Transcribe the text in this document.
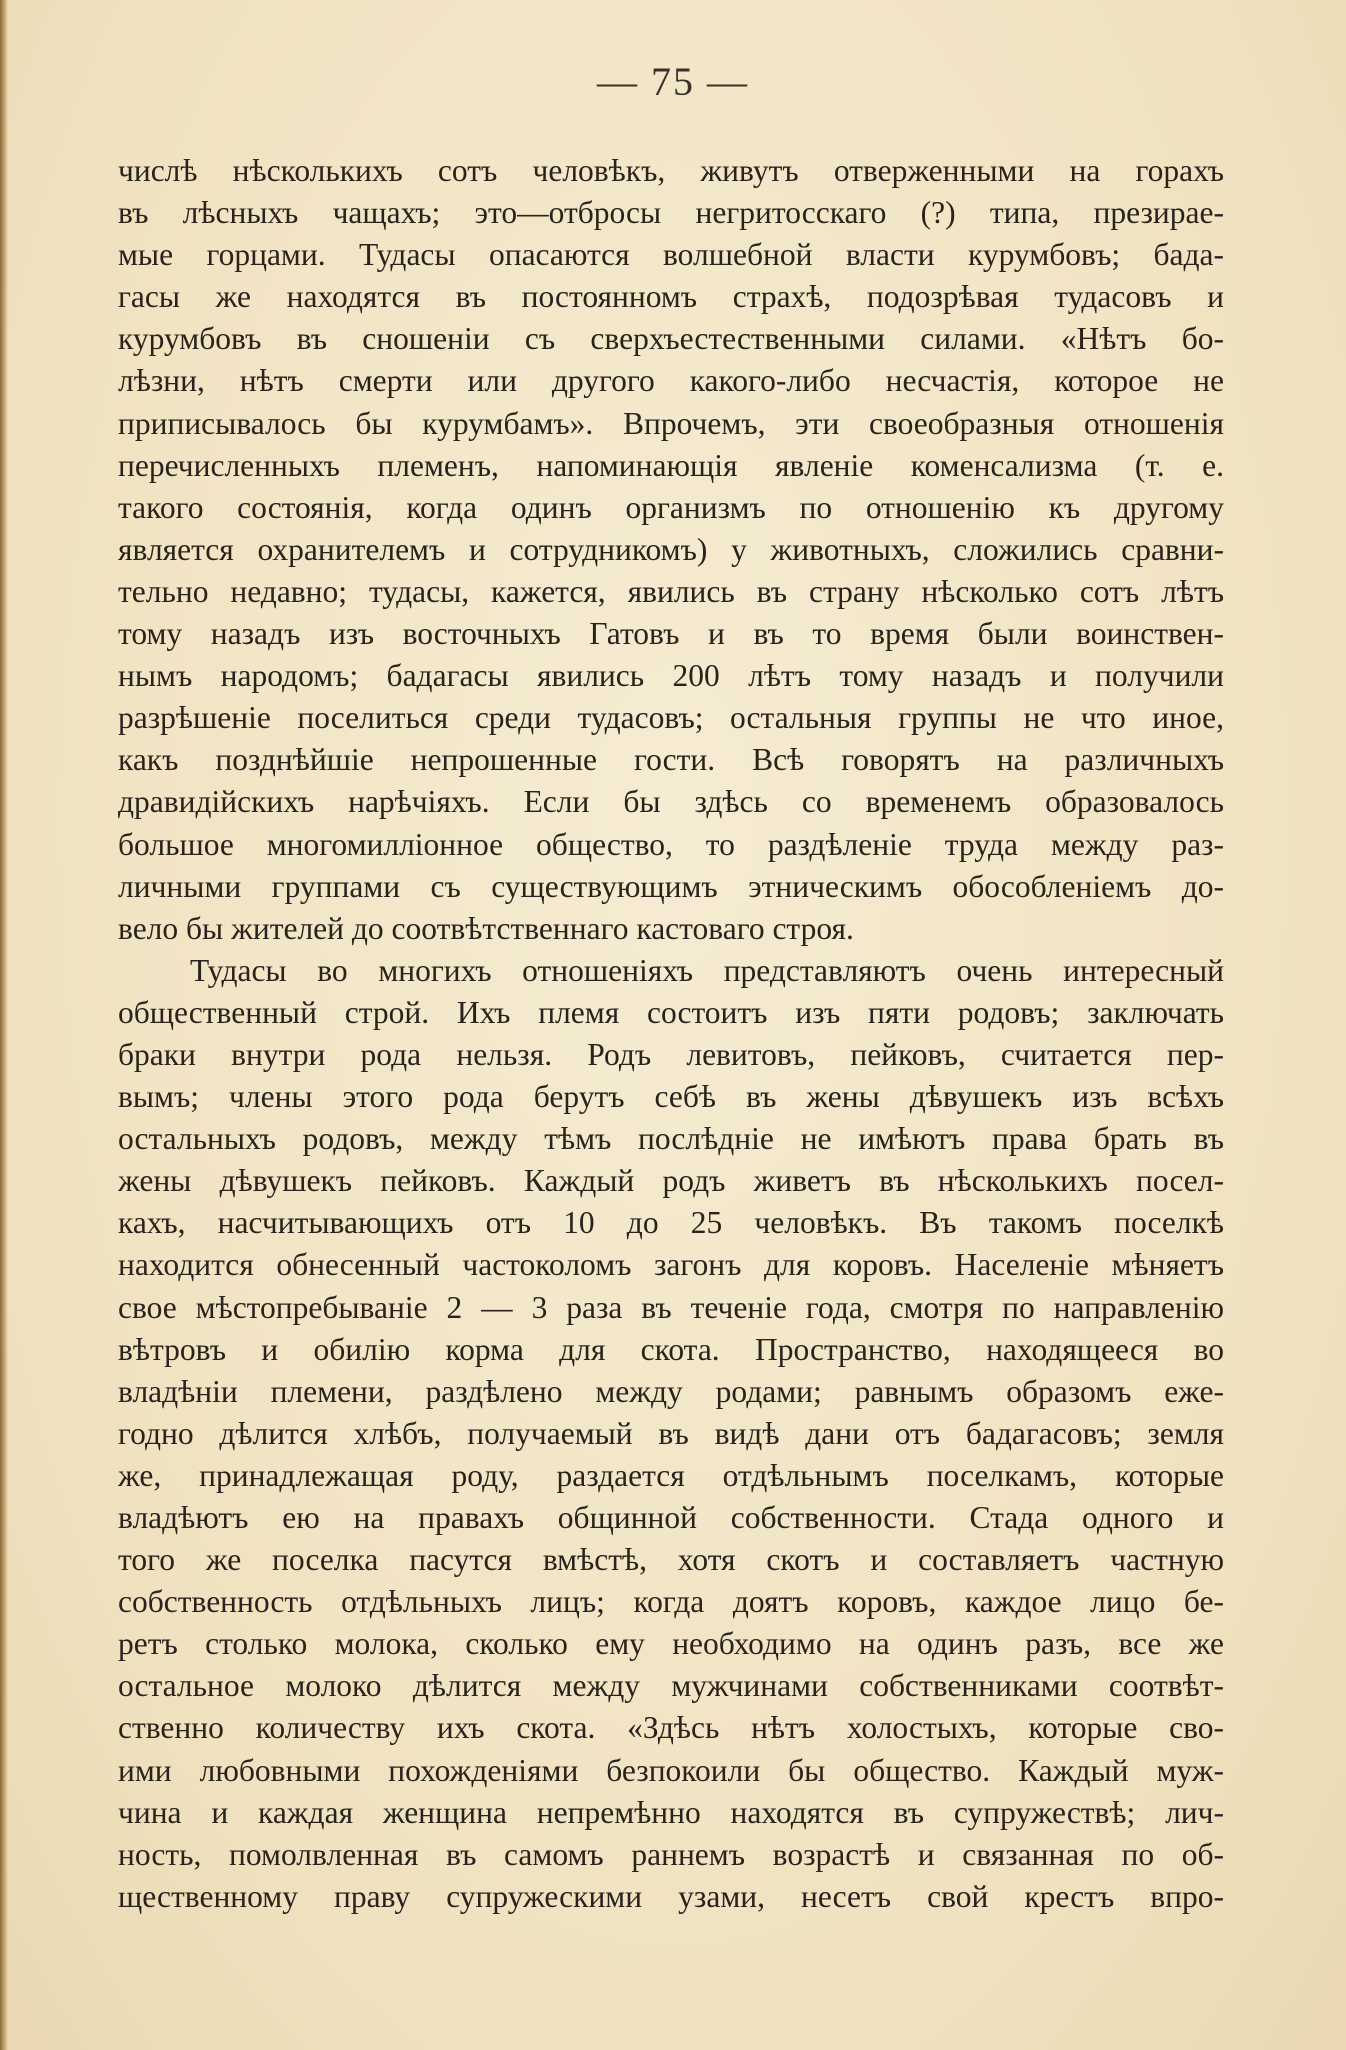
— 75 —
числѣ нѣсколькихъ сотъ человѣкъ, живутъ отверженными на горахъ
въ лѣсныхъ чащахъ; это—отбросы негритосскаго (?) типа, презирае-
мые горцами. Тудасы опасаются волшебной власти курумбовъ; бада-
гасы же находятся въ постоянномъ страхѣ, подозрѣвая тудасовъ и
курумбовъ въ сношеніи съ сверхъестественными силами. «Нѣтъ бо-
лѣзни, нѣтъ смерти или другого какого-либо несчастія, которое не
приписывалось бы курумбамъ». Впрочемъ, эти своеобразныя отношенія
перечисленныхъ племенъ, напоминающія явленіе коменсализма (т. е.
такого состоянія, когда одинъ организмъ по отношенію къ другому
является охранителемъ и сотрудникомъ) у животныхъ, сложились сравни-
тельно недавно; тудасы, кажется, явились въ страну нѣсколько сотъ лѣтъ
тому назадъ изъ восточныхъ Гатовъ и въ то время были воинствен-
нымъ народомъ; бадагасы явились 200 лѣтъ тому назадъ и получили
разрѣшеніе поселиться среди тудасовъ; остальныя группы не что иное,
какъ позднѣйшіе непрошенные гости. Всѣ говорятъ на различныхъ
дравидійскихъ нарѣчіяхъ. Если бы здѣсь со временемъ образовалось
большое многомилліонное общество, то раздѣленіе труда между раз-
личными группами съ существующимъ этническимъ обособленіемъ до-
вело бы жителей до соотвѣтственнаго кастоваго строя.
Тудасы во многихъ отношеніяхъ представляютъ очень интересный
общественный строй. Ихъ племя состоитъ изъ пяти родовъ; заключать
браки внутри рода нельзя. Родъ левитовъ, пейковъ, считается пер-
вымъ; члены этого рода берутъ себѣ въ жены дѣвушекъ изъ всѣхъ
остальныхъ родовъ, между тѣмъ послѣдніе не имѣютъ права брать въ
жены дѣвушекъ пейковъ. Каждый родъ живетъ въ нѣсколькихъ посел-
кахъ, насчитывающихъ отъ 10 до 25 человѣкъ. Въ такомъ поселкѣ
находится обнесенный частоколомъ загонъ для коровъ. Населеніе мѣняетъ
свое мѣстопребываніе 2 — 3 раза въ теченіе года, смотря по направленію
вѣтровъ и обилію корма для скота. Пространство, находящееся во
владѣніи племени, раздѣлено между родами; равнымъ образомъ еже-
годно дѣлится хлѣбъ, получаемый въ видѣ дани отъ бадагасовъ; земля
же, принадлежащая роду, раздается отдѣльнымъ поселкамъ, которые
владѣютъ ею на правахъ общинной собственности. Стада одного и
того же поселка пасутся вмѣстѣ, хотя скотъ и составляетъ частную
собственность отдѣльныхъ лицъ; когда доятъ коровъ, каждое лицо бе-
ретъ столько молока, сколько ему необходимо на одинъ разъ, все же
остальное молоко дѣлится между мужчинами собственниками соотвѣт-
ственно количеству ихъ скота. «Здѣсь нѣтъ холостыхъ, которые сво-
ими любовными похожденіями безпокоили бы общество. Каждый муж-
чина и каждая женщина непремѣнно находятся въ супружествѣ; лич-
ность, помолвленная въ самомъ раннемъ возрастѣ и связанная по об-
щественному праву супружескими узами, несетъ свой крестъ впро-
